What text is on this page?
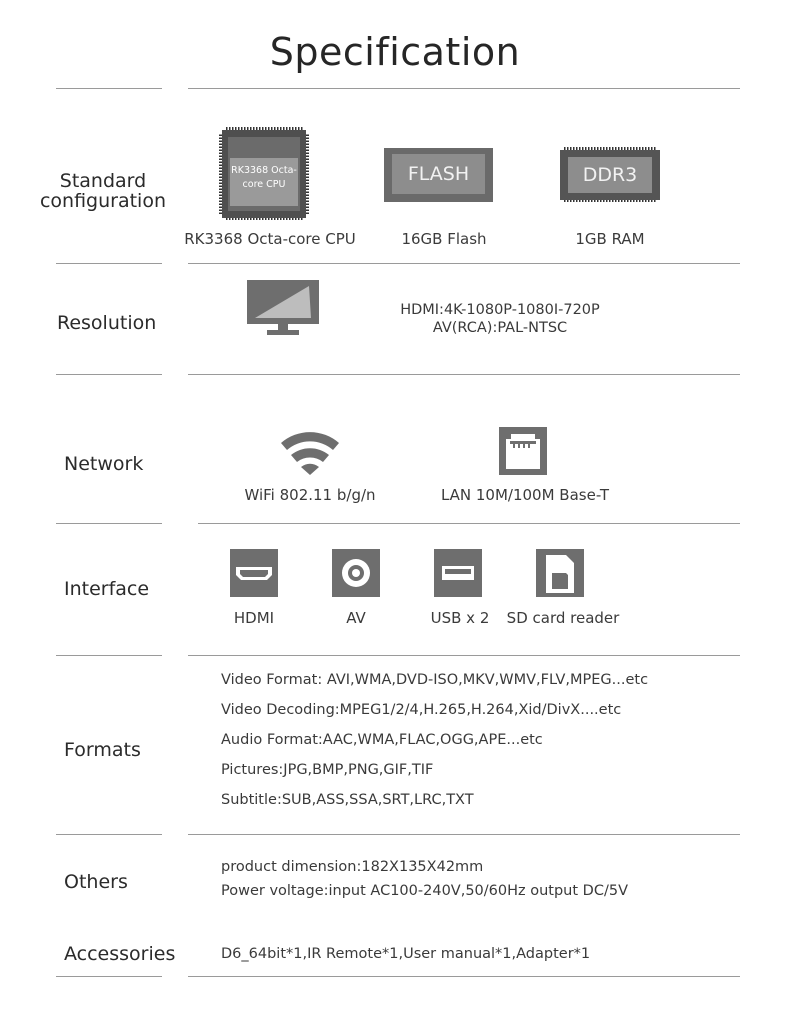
Specification
Standard
configuration
RK3368 Octa-core CPU	FLASH	DDR3
RK3368 Octa-core CPU	16GB Flash	1GB RAM
Resolution
HDMI:4K-1080P-1080I-720P
AV(RCA):PAL-NTSC
Network
WiFi 802.11 b/g/n	LAN 10M/100M Base-T
Interface
HDMI	AV	USB x 2	SD card reader
Formats
Video Format: AVI,WMA,DVD-ISO,MKV,WMV,FLV,MPEG...etc
Video Decoding:MPEG1/2/4,H.265,H.264,Xid/DivX....etc
Audio Format:AAC,WMA,FLAC,OGG,APE...etc
Pictures:JPG,BMP,PNG,GIF,TIF
Subtitle:SUB,ASS,SSA,SRT,LRC,TXT
Others
product dimension:182X135X42mm
Power voltage:input AC100-240V,50/60Hz output DC/5V
Accessories	D6_64bit*1,IR Remote*1,User manual*1,Adapter*1
